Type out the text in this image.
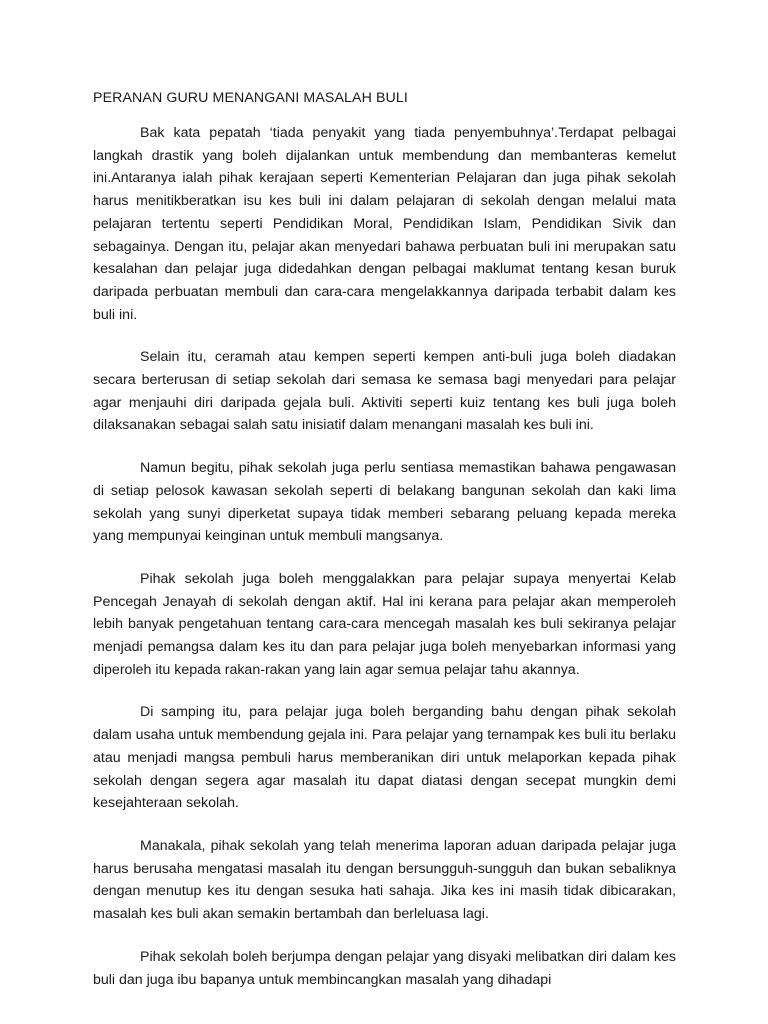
PERANAN GURU MENANGANI MASALAH BULI

Bak kata pepatah ‘tiada penyakit yang tiada penyembuhnya’.Terdapat pelbagai langkah drastik yang boleh dijalankan untuk membendung dan membanteras kemelut ini.Antaranya ialah pihak kerajaan seperti Kementerian Pelajaran dan juga pihak sekolah harus menitikberatkan isu kes buli ini dalam pelajaran di sekolah dengan melalui mata pelajaran tertentu seperti Pendidikan Moral, Pendidikan Islam, Pendidikan Sivik dan sebagainya. Dengan itu, pelajar akan menyedari bahawa perbuatan buli ini merupakan satu kesalahan dan pelajar juga didedahkan dengan pelbagai maklumat tentang kesan buruk daripada perbuatan membuli dan cara-cara mengelakkannya daripada terbabit dalam kes buli ini.

Selain itu, ceramah atau kempen seperti kempen anti-buli juga boleh diadakan secara berterusan di setiap sekolah dari semasa ke semasa bagi menyedari para pelajar agar menjauhi diri daripada gejala buli. Aktiviti seperti kuiz tentang kes buli juga boleh dilaksanakan sebagai salah satu inisiatif dalam menangani masalah kes buli ini.

Namun begitu, pihak sekolah juga perlu sentiasa memastikan bahawa pengawasan di setiap pelosok kawasan sekolah seperti di belakang bangunan sekolah dan kaki lima sekolah yang sunyi diperketat supaya tidak memberi sebarang peluang kepada mereka yang mempunyai keinginan untuk membuli mangsanya.

Pihak sekolah juga boleh menggalakkan para pelajar supaya menyertai Kelab Pencegah Jenayah di sekolah dengan aktif. Hal ini kerana para pelajar akan memperoleh lebih banyak pengetahuan tentang cara-cara mencegah masalah kes buli sekiranya pelajar menjadi pemangsa dalam kes itu dan para pelajar juga boleh menyebarkan informasi yang diperoleh itu kepada rakan-rakan yang lain agar semua pelajar tahu akannya.

Di samping itu, para pelajar juga boleh berganding bahu dengan pihak sekolah dalam usaha untuk membendung gejala ini. Para pelajar yang ternampak kes buli itu berlaku atau menjadi mangsa pembuli harus memberanikan diri untuk melaporkan kepada pihak sekolah dengan segera agar masalah itu dapat diatasi dengan secepat mungkin demi kesejahteraan sekolah.

Manakala, pihak sekolah yang telah menerima laporan aduan daripada pelajar juga harus berusaha mengatasi masalah itu dengan bersungguh-sungguh dan bukan sebaliknya dengan menutup kes itu dengan sesuka hati sahaja. Jika kes ini masih tidak dibicarakan, masalah kes buli akan semakin bertambah dan berleluasa lagi.

Pihak sekolah boleh berjumpa dengan pelajar yang disyaki melibatkan diri dalam kes buli dan juga ibu bapanya untuk membincangkan masalah yang dihadapi
